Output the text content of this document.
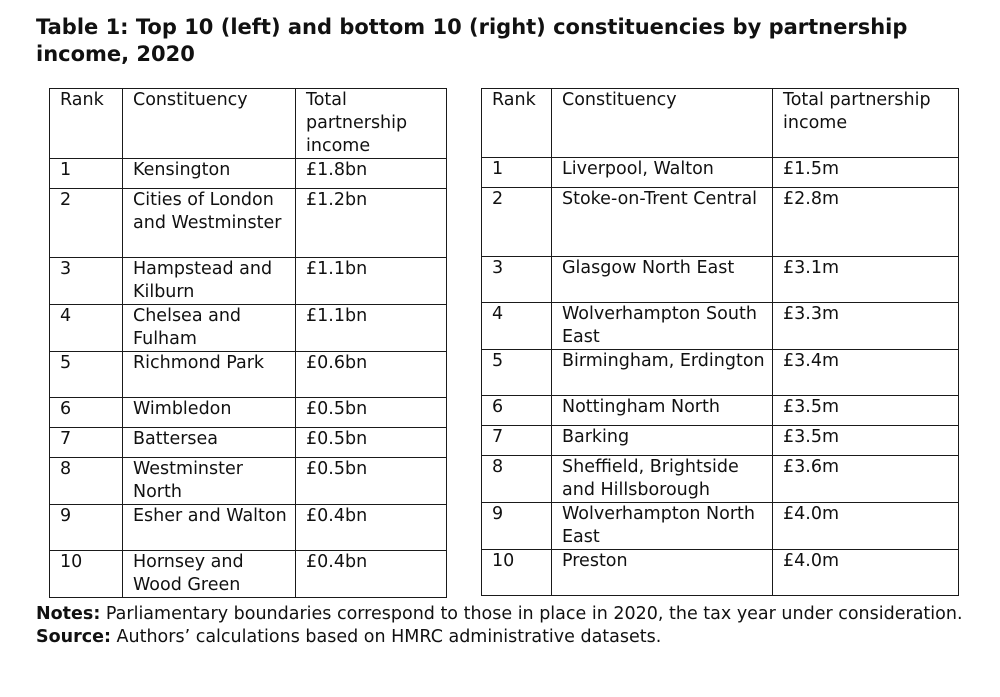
Table 1: Top 10 (left) and bottom 10 (right) constituencies by partnership income, 2020
Rank	Constituency	Total partnership income
1	Kensington	£1.8bn
2	Cities of London and Westminster	£1.2bn
3	Hampstead and Kilburn	£1.1bn
4	Chelsea and Fulham	£1.1bn
5	Richmond Park	£0.6bn
6	Wimbledon	£0.5bn
7	Battersea	£0.5bn
8	Westminster North	£0.5bn
9	Esher and Walton	£0.4bn
10	Hornsey and Wood Green	£0.4bn
Rank	Constituency	Total partnership income
1	Liverpool, Walton	£1.5m
2	Stoke-on-Trent Central	£2.8m
3	Glasgow North East	£3.1m
4	Wolverhampton South East	£3.3m
5	Birmingham, Erdington	£3.4m
6	Nottingham North	£3.5m
7	Barking	£3.5m
8	Sheffield, Brightside and Hillsborough	£3.6m
9	Wolverhampton North East	£4.0m
10	Preston	£4.0m
Notes: Parliamentary boundaries correspond to those in place in 2020, the tax year under consideration.
Source: Authors’ calculations based on HMRC administrative datasets.
